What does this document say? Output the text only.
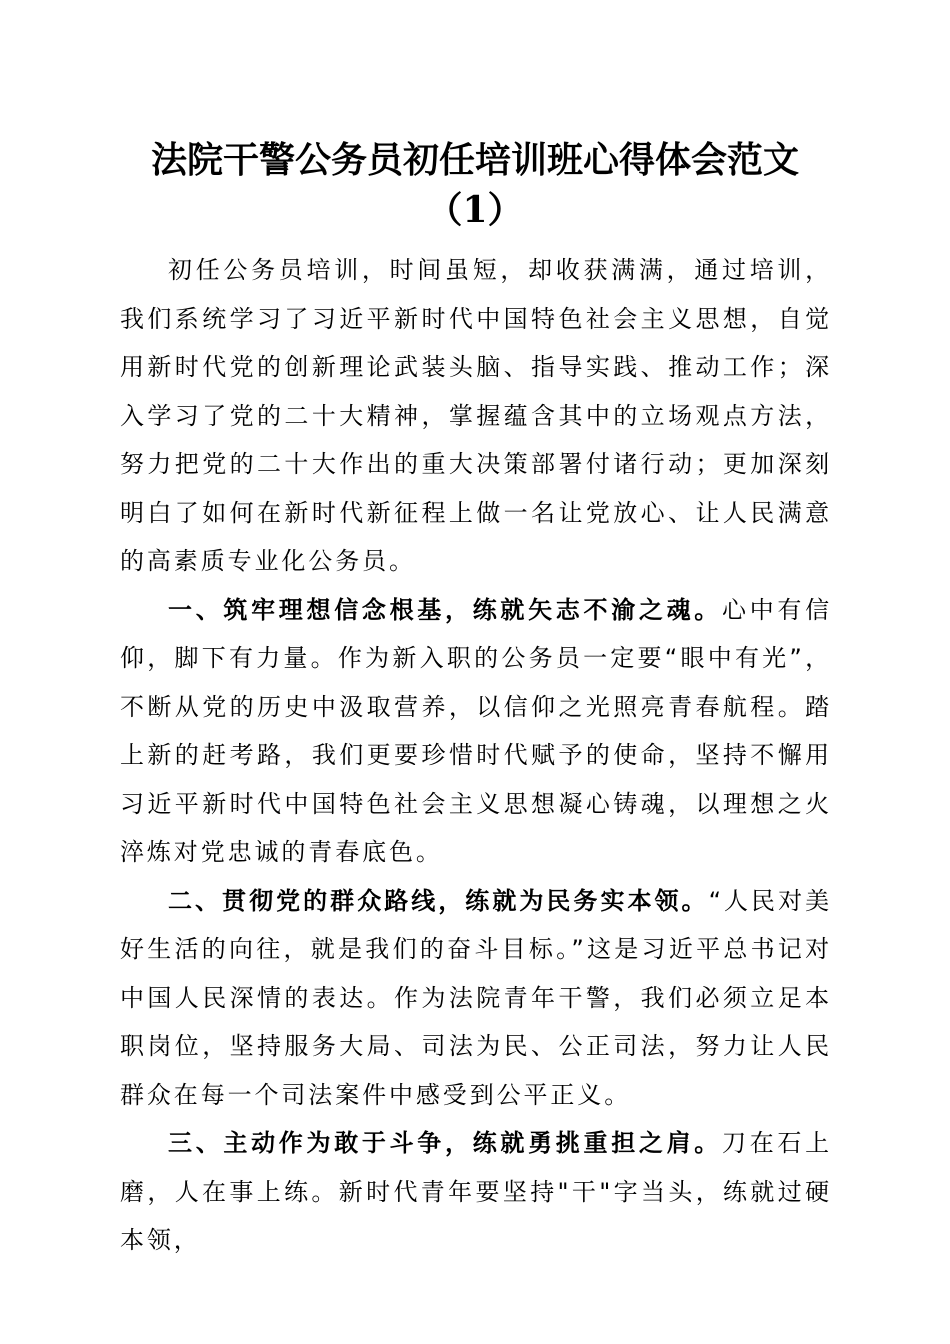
法院干警公务员初任培训班心得体会范文
（1）

初任公务员培训，时间虽短，却收获满满，通过培训，我们系统学习了习近平新时代中国特色社会主义思想，自觉用新时代党的创新理论武装头脑、指导实践、推动工作；深入学习了党的二十大精神，掌握蕴含其中的立场观点方法，努力把党的二十大作出的重大决策部署付诸行动；更加深刻明白了如何在新时代新征程上做一名让党放心、让人民满意的高素质专业化公务员。

一、筑牢理想信念根基，练就矢志不渝之魂。心中有信仰，脚下有力量。作为新入职的公务员一定要“眼中有光”，不断从党的历史中汲取营养，以信仰之光照亮青春航程。踏上新的赶考路，我们更要珍惜时代赋予的使命，坚持不懈用习近平新时代中国特色社会主义思想凝心铸魂，以理想之火淬炼对党忠诚的青春底色。

二、贯彻党的群众路线，练就为民务实本领。“人民对美好生活的向往，就是我们的奋斗目标。”这是习近平总书记对中国人民深情的表达。作为法院青年干警，我们必须立足本职岗位，坚持服务大局、司法为民、公正司法，努力让人民群众在每一个司法案件中感受到公平正义。

三、主动作为敢于斗争，练就勇挑重担之肩。刀在石上磨，人在事上练。新时代青年要坚持"干"字当头，练就过硬本领，
